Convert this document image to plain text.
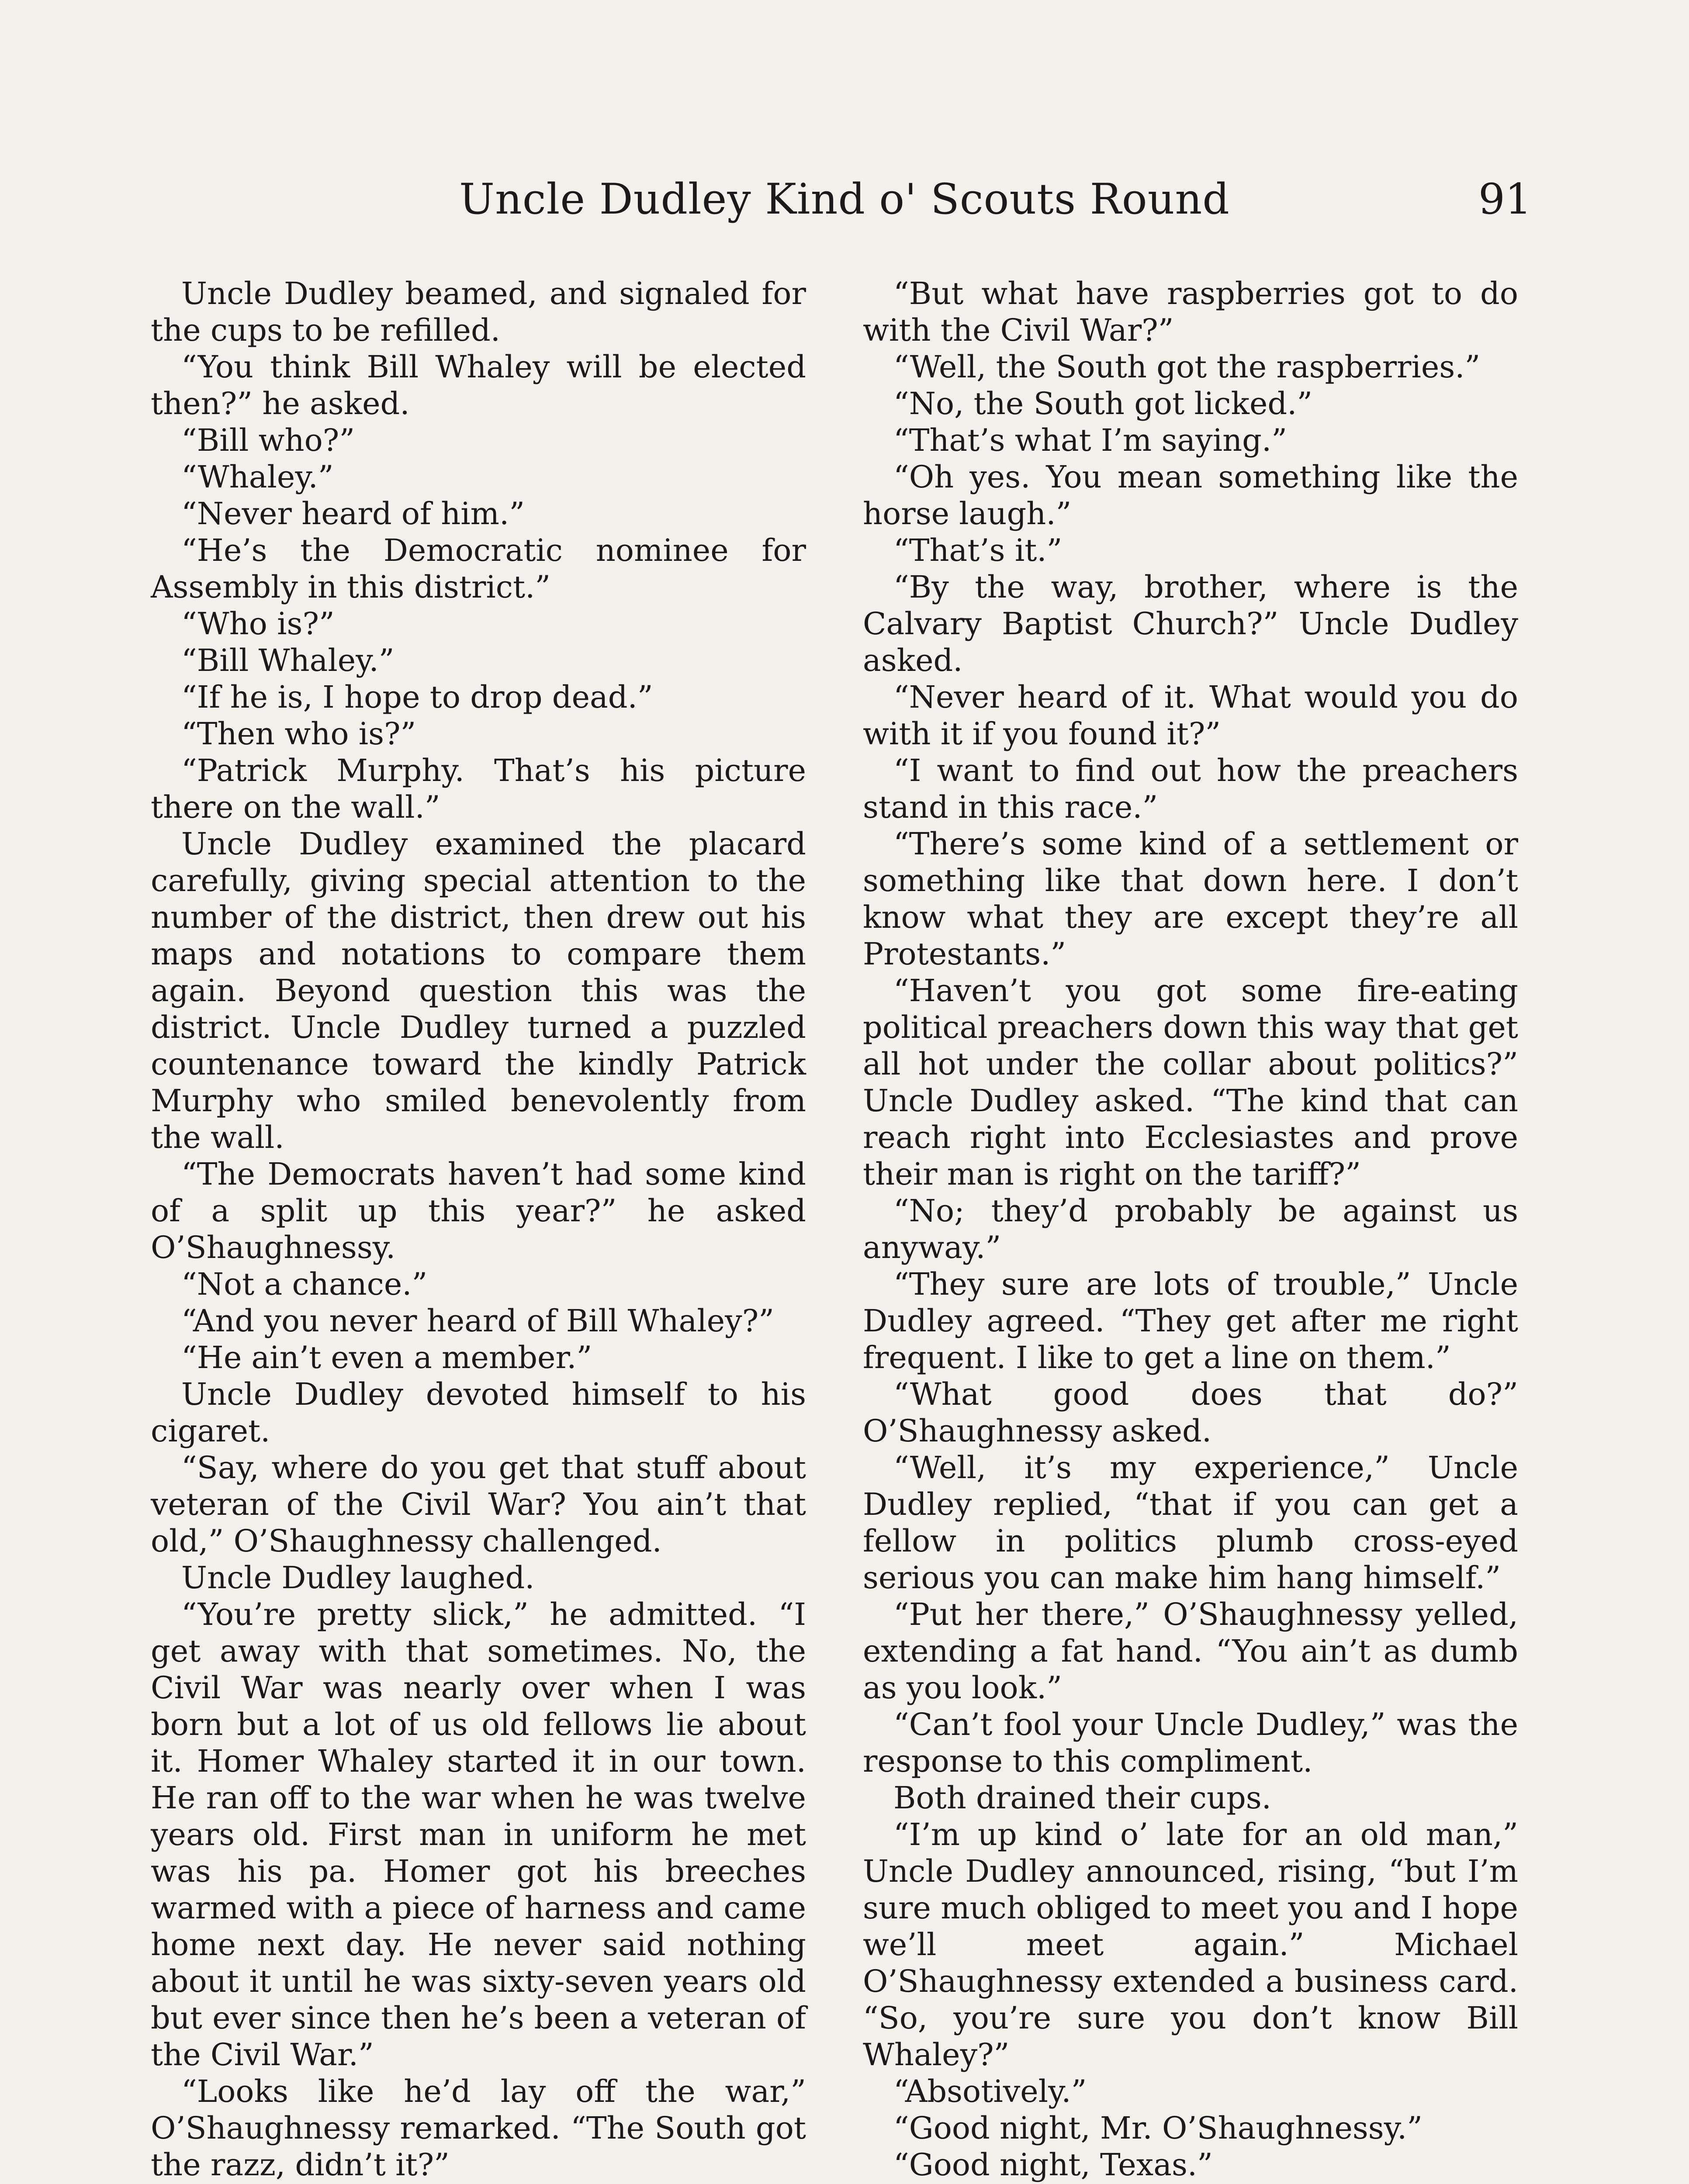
Uncle Dudley Kind o' Scouts Round	91

Uncle Dudley beamed, and signaled for the cups to be refilled.

“You think Bill Whaley will be elected then?” he asked.

“Bill who?”

“Whaley.”

“Never heard of him.”

“He’s the Democratic nominee for Assembly in this district.”

“Who is?”

“Bill Whaley.”

“If he is, I hope to drop dead.”

“Then who is?”

“Patrick Murphy. That’s his picture there on the wall.”

Uncle Dudley examined the placard carefully, giving special attention to the number of the district, then drew out his maps and notations to compare them again. Beyond question this was the district. Uncle Dudley turned a puzzled countenance toward the kindly Patrick Murphy who smiled benevolently from the wall.

“The Democrats haven’t had some kind of a split up this year?” he asked O’Shaughnessy.

“Not a chance.”

“And you never heard of Bill Whaley?”

“He ain’t even a member.”

Uncle Dudley devoted himself to his cigaret.

“Say, where do you get that stuff about veteran of the Civil War? You ain’t that old,” O’Shaughnessy challenged.

Uncle Dudley laughed.

“You’re pretty slick,” he admitted. “I get away with that sometimes. No, the Civil War was nearly over when I was born but a lot of us old fellows lie about it. Homer Whaley started it in our town. He ran off to the war when he was twelve years old. First man in uniform he met was his pa. Homer got his breeches warmed with a piece of harness and came home next day. He never said nothing about it until he was sixty-seven years old but ever since then he’s been a veteran of the Civil War.”

“Looks like he’d lay off the war,” O’Shaughnessy remarked. “The South got the razz, didn’t it?”

“But what have raspberries got to do with the Civil War?”

“Well, the South got the raspberries.”

“No, the South got licked.”

“That’s what I’m saying.”

“Oh yes. You mean something like the horse laugh.”

“That’s it.”

“By the way, brother, where is the Calvary Baptist Church?” Uncle Dudley asked.

“Never heard of it. What would you do with it if you found it?”

“I want to find out how the preachers stand in this race.”

“There’s some kind of a settlement or something like that down here. I don’t know what they are except they’re all Protestants.”

“Haven’t you got some fire-eating political preachers down this way that get all hot under the collar about politics?” Uncle Dudley asked. “The kind that can reach right into Ecclesiastes and prove their man is right on the tariff?”

“No; they’d probably be against us anyway.”

“They sure are lots of trouble,” Uncle Dudley agreed. “They get after me right frequent. I like to get a line on them.”

“What good does that do?” O’Shaughnessy asked.

“Well, it’s my experience,” Uncle Dudley replied, “that if you can get a fellow in politics plumb cross-eyed serious you can make him hang himself.”

“Put her there,” O’Shaughnessy yelled, extending a fat hand. “You ain’t as dumb as you look.”

“Can’t fool your Uncle Dudley,” was the response to this compliment.

Both drained their cups.

“I’m up kind o’ late for an old man,” Uncle Dudley announced, rising, “but I’m sure much obliged to meet you and I hope we’ll meet again.” Michael O’Shaughnessy extended a business card. “So, you’re sure you don’t know Bill Whaley?”

“Absotively.”

“Good night, Mr. O’Shaughnessy.”

“Good night, Texas.”
